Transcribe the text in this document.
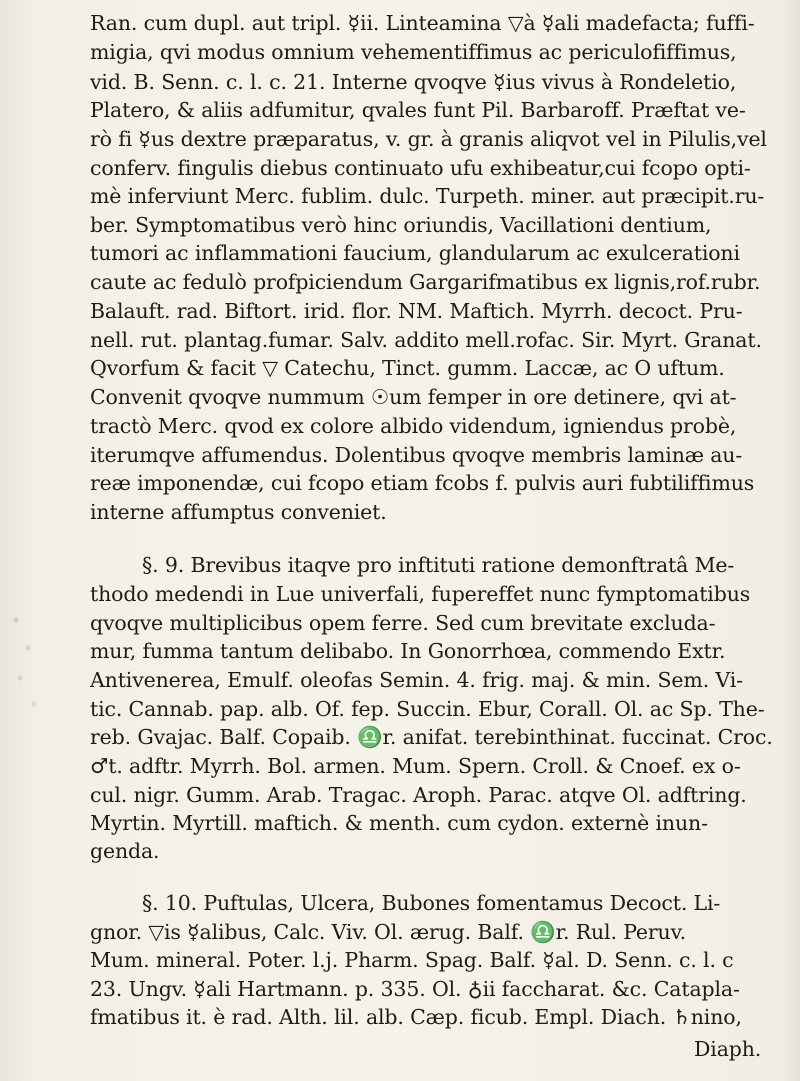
Ran. cum dupl. aut tripl. ☿ii. Linteamina ▽à ☿ali madefacta; fuffi-
migia, qvi modus omnium vehementiffimus ac periculofiffimus,
vid. B. Senn. c. l. c. 21. Interne qvoqve ☿ius vivus à Rondeletio,
Platero, & aliis adfumitur, qvales funt Pil. Barbaroff. Præftat ve-
rò fi ☿us dextre præparatus, v. gr. à granis aliqvot vel in Pilulis,vel
conferv. fingulis diebus continuato ufu exhibeatur,cui fcopo opti-
mè inferviunt Merc. fublim. dulc. Turpeth. miner. aut præcipit.ru-
ber. Symptomatibus verò hinc oriundis, Vacillationi dentium,
tumori ac inflammationi faucium, glandularum ac exulcerationi
caute ac fedulò profpiciendum Gargarifmatibus ex lignis,rof.rubr.
Balauft. rad. Biftort. irid. flor. NM. Maftich. Myrrh. decoct. Pru-
nell. rut. plantag.fumar. Salv. addito mell.rofac. Sir. Myrt. Granat.
Qvorfum & facit ▽ Catechu, Tinct. gumm. Laccæ, ac O uftum.
Convenit qvoqve nummum ☉um femper in ore detinere, qvi at-
tractò Merc. qvod ex colore albido videndum, igniendus probè,
iterumqve affumendus. Dolentibus qvoqve membris laminæ au-
reæ imponendæ, cui fcopo etiam fcobs f. pulvis auri fubtiliffimus
interne affumptus conveniet.
§. 9. Brevibus itaqve pro inftituti ratione demonftratâ Me-
thodo medendi in Lue univerfali, fupereffet nunc fymptomatibus
qvoqve multiplicibus opem ferre. Sed cum brevitate excluda-
mur, fumma tantum delibabo. In Gonorrhœa, commendo Extr.
Antivenerea, Emulf. oleofas Semin. 4. frig. maj. & min. Sem. Vi-
tic. Cannab. pap. alb. Of. fep. Succin. Ebur, Corall. Ol. ac Sp. The-
reb. Gvajac. Balf. Copaib. ♎r. anifat. terebinthinat. fuccinat. Croc.
♂t. adftr. Myrrh. Bol. armen. Mum. Spern. Croll. & Cnoef. ex o-
cul. nigr. Gumm. Arab. Tragac. Aroph. Parac. atqve Ol. adftring.
Myrtin. Myrtill. maftich. & menth. cum cydon. externè inun-
genda.
§. 10. Puftulas, Ulcera, Bubones fomentamus Decoct. Li-
gnor. ▽is ☿alibus, Calc. Viv. Ol. ærug. Balf. ♎r. Rul. Peruv.
Mum. mineral. Poter. l.j. Pharm. Spag. Balf. ☿al. D. Senn. c. l. c
23. Ungv. ☿ali Hartmann. p. 335. Ol. ♁ii faccharat. &c. Catapla-
fmatibus it. è rad. Alth. lil. alb. Cæp. ficub. Empl. Diach. ♄nino,
Diaph.
